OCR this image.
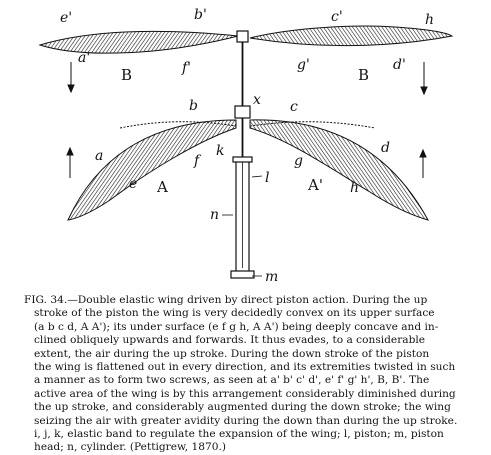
e'	b'	c'	h
a'
f'	g'	d'
B	B
b	x c
a	f
k
g
d
l
e A	A' h
n
m
FIG. 34.—Double elastic wing driven by direct piston action. During the up
stroke of the piston the wing is very decidedly convex on its upper surface
(a b c d, A A'); its under surface (e f g h, A A') being deeply concave and in-
clined obliquely upwards and forwards. It thus evades, to a considerable
extent, the air during the up stroke. During the down stroke of the piston
the wing is flattened out in every direction, and its extremities twisted in such
a manner as to form two screws, as seen at a' b' c' d', e' f' g' h', B, B'. The
active area of the wing is by this arrangement considerably diminished during
the up stroke, and considerably augmented during the down stroke; the wing
seizing the air with greater avidity during the down than during the up stroke.
i, j, k, elastic band to regulate the expansion of the wing; l, piston; m, piston
head; n, cylinder. (Pettigrew, 1870.)
